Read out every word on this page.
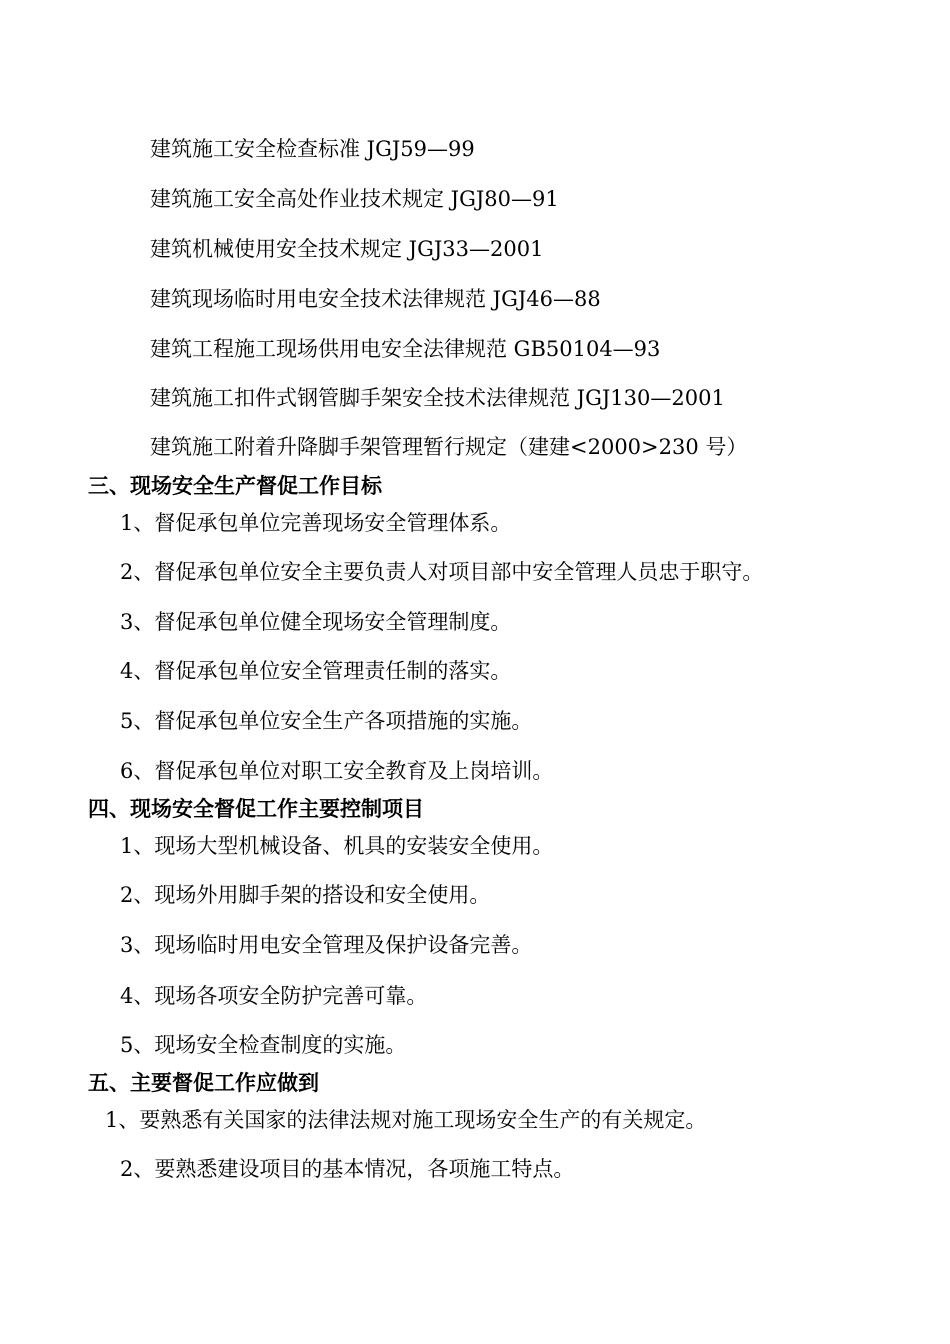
建筑施工安全检查标准 JGJ59—99
建筑施工安全高处作业技术规定 JGJ80—91
建筑机械使用安全技术规定 JGJ33—2001
建筑现场临时用电安全技术法律规范 JGJ46—88
建筑工程施工现场供用电安全法律规范 GB50104—93
建筑施工扣件式钢管脚手架安全技术法律规范 JGJ130—2001
建筑施工附着升降脚手架管理暂行规定（建建<2000>230 号）
三、现场安全生产督促工作目标
1、督促承包单位完善现场安全管理体系。
2、督促承包单位安全主要负责人对项目部中安全管理人员忠于职守。
3、督促承包单位健全现场安全管理制度。
4、督促承包单位安全管理责任制的落实。
5、督促承包单位安全生产各项措施的实施。
6、督促承包单位对职工安全教育及上岗培训。
四、现场安全督促工作主要控制项目
1、现场大型机械设备、机具的安装安全使用。
2、现场外用脚手架的搭设和安全使用。
3、现场临时用电安全管理及保护设备完善。
4、现场各项安全防护完善可靠。
5、现场安全检查制度的实施。
五、主要督促工作应做到
1、要熟悉有关国家的法律法规对施工现场安全生产的有关规定。
2、要熟悉建设项目的基本情况，各项施工特点。
